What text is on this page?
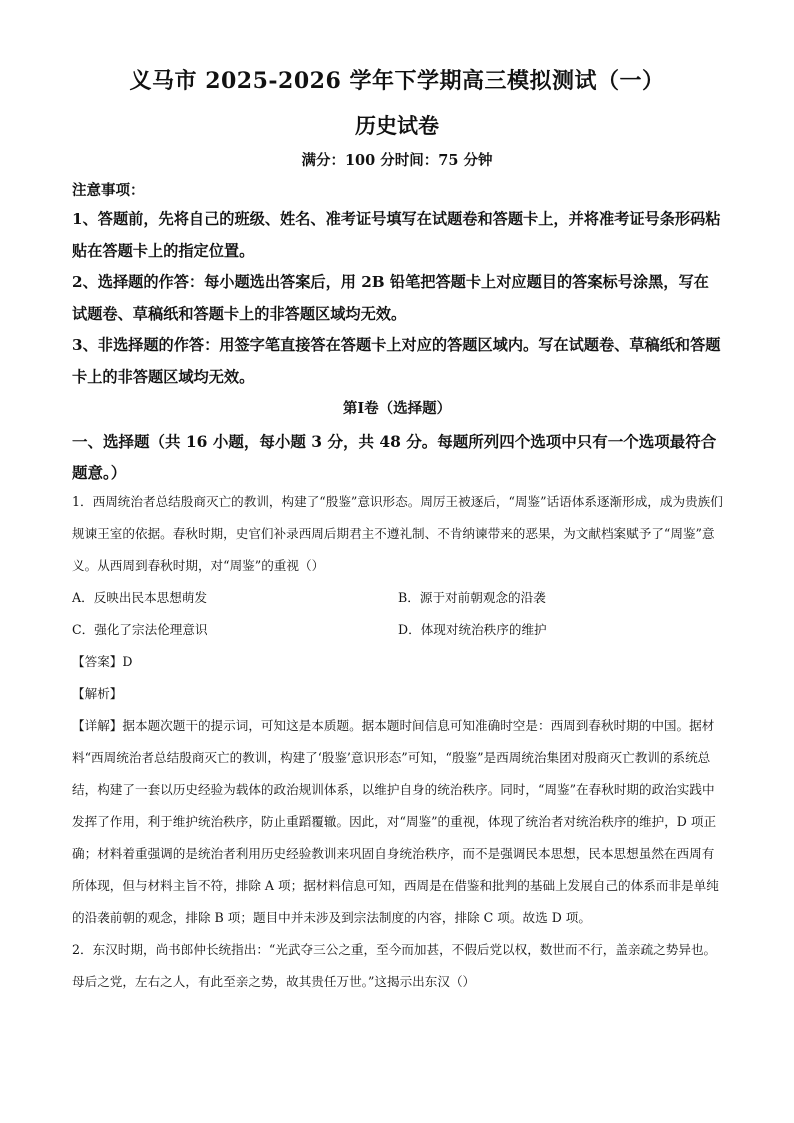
义马市 2025-2026 学年下学期高三模拟测试（一）
历史试卷
满分：100 分时间：75 分钟
注意事项：

1、答题前，先将自己的班级、姓名、准考证号填写在试题卷和答题卡上，并将准考证号条形码粘贴在答题卡上的指定位置。

2、选择题的作答：每小题选出答案后，用 2B 铅笔把答题卡上对应题目的答案标号涂黑，写在试题卷、草稿纸和答题卡上的非答题区域均无效。

3、非选择题的作答：用签字笔直接答在答题卡上对应的答题区域内。写在试题卷、草稿纸和答题卡上的非答题区域均无效。

第Ⅰ卷（选择题）
一、选择题（共 16 小题，每小题 3 分，共 48 分。每题所列四个选项中只有一个选项最符合题意。）

1．西周统治者总结殷商灭亡的教训，构建了“殷鉴”意识形态。周厉王被逐后，“周鉴”话语体系逐渐形成，成为贵族们规谏王室的依据。春秋时期，史官们补录西周后期君主不遵礼制、不肯纳谏带来的恶果，为文献档案赋予了“周鉴”意义。从西周到春秋时期，对“周鉴”的重视（）

A．反映出民本思想萌发	B．源于对前朝观念的沿袭
C．强化了宗法伦理意识	D．体现对统治秩序的维护

【答案】D

【解析】

【详解】据本题次题干的提示词，可知这是本质题。据本题时间信息可知准确时空是：西周到春秋时期的中国。据材料“西周统治者总结殷商灭亡的教训，构建了‘殷鉴’意识形态”可知，“殷鉴”是西周统治集团对殷商灭亡教训的系统总结，构建了一套以历史经验为载体的政治规训体系，以维护自身的统治秩序。同时，“周鉴”在春秋时期的政治实践中发挥了作用，利于维护统治秩序，防止重蹈覆辙。因此，对“周鉴”的重视，体现了统治者对统治秩序的维护，D 项正确；材料着重强调的是统治者利用历史经验教训来巩固自身统治秩序，而不是强调民本思想，民本思想虽然在西周有所体现，但与材料主旨不符，排除 A 项；据材料信息可知，西周是在借鉴和批判的基础上发展自己的体系而非是单纯的沿袭前朝的观念，排除 B 项；题目中并未涉及到宗法制度的内容，排除 C 项。故选 D 项。

2．东汉时期，尚书郎仲长统指出：“光武夺三公之重，至今而加甚，不假后党以权，数世而不行，盖亲疏之势异也。母后之党，左右之人，有此至亲之势，故其贵任万世。”这揭示出东汉（）
